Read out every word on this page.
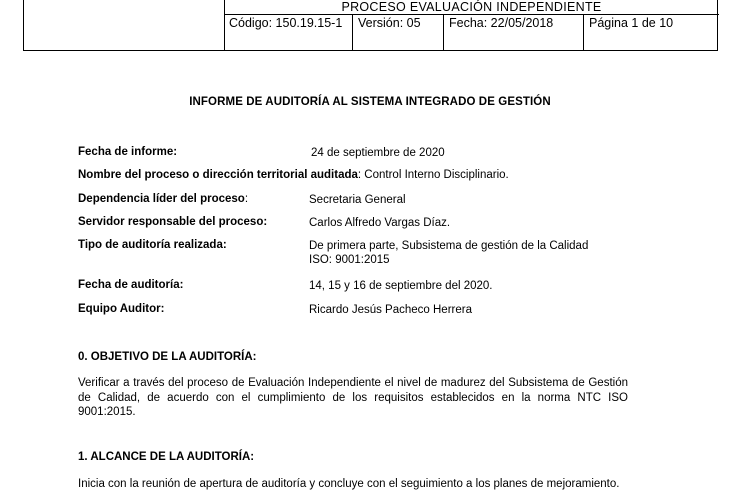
PROCESO EVALUACIÓN INDEPENDIENTE
Código: 150.19.15-1	Versión: 05	Fecha: 22/05/2018	Página 1 de 10
INFORME DE AUDITORÍA AL SISTEMA INTEGRADO DE GESTIÓN
Fecha de informe:	24 de septiembre de 2020
Nombre del proceso o dirección territorial auditada: Control Interno Disciplinario.
Dependencia líder del proceso:	Secretaria General
Servidor responsable del proceso:	Carlos Alfredo Vargas Díaz.
Tipo de auditoría realizada:	De primera parte, Subsistema de gestión de la Calidad
ISO: 9001:2015
Fecha de auditoría:	14, 15 y 16 de septiembre del 2020.
Equipo Auditor:	Ricardo Jesús Pacheco Herrera
0. OBJETIVO DE LA AUDITORÍA:
Verificar a través del proceso de Evaluación Independiente el nivel de madurez del Subsistema de Gestión de Calidad, de acuerdo con el cumplimiento de los requisitos establecidos en la norma NTC ISO 9001:2015.
1. ALCANCE DE LA AUDITORÍA:
Inicia con la reunión de apertura de auditoría y concluye con el seguimiento a los planes de mejoramiento.
